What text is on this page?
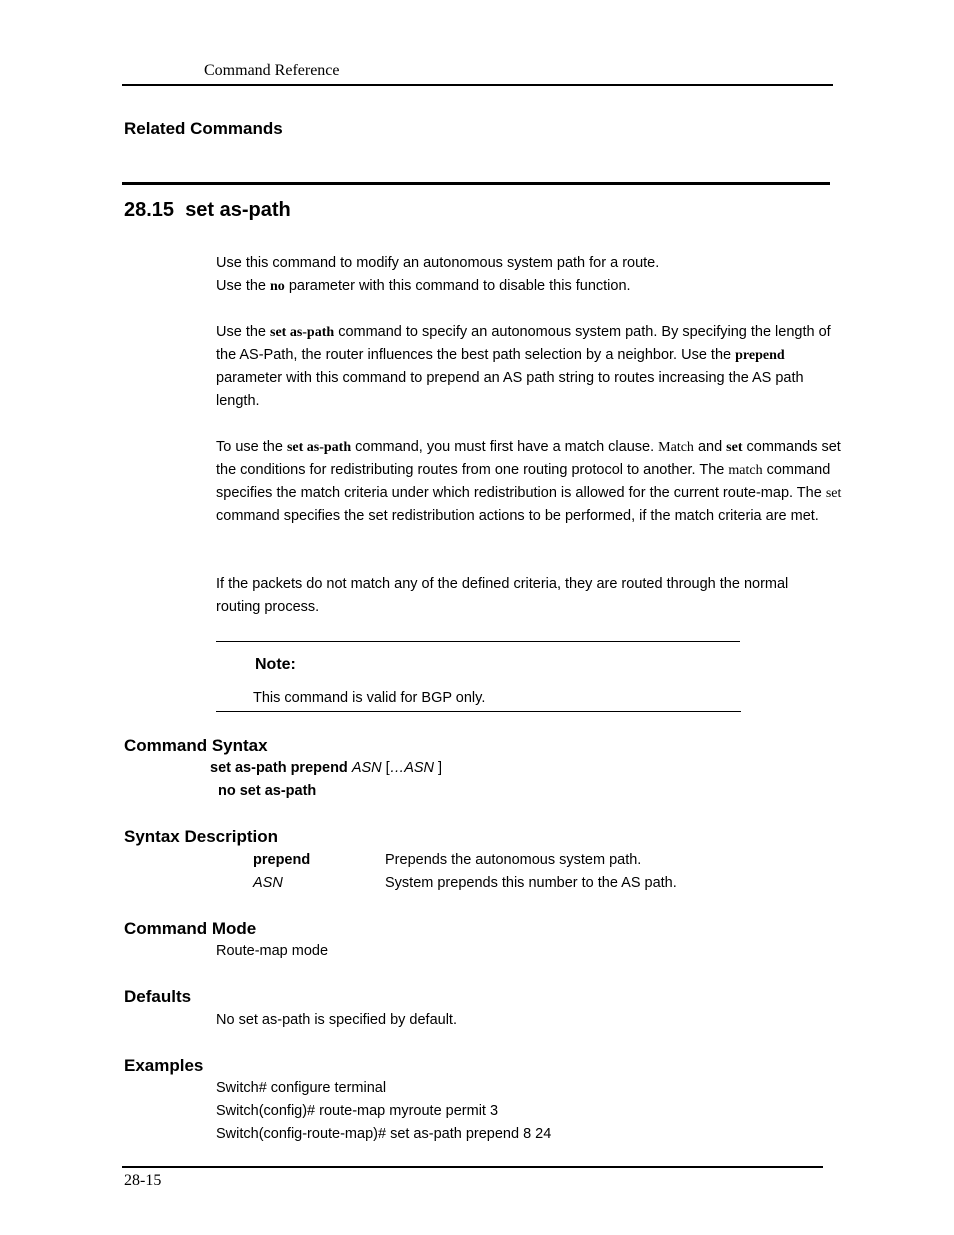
Command Reference
Related Commands
28.15 set as-path
Use this command to modify an autonomous system path for a route.
Use the no parameter with this command to disable this function.
Use the set as-path command to specify an autonomous system path. By specifying the length of the AS-Path, the router influences the best path selection by a neighbor. Use the prepend parameter with this command to prepend an AS path string to routes increasing the AS path length.
To use the set as-path command, you must first have a match clause. Match and set commands set the conditions for redistributing routes from one routing protocol to another. The match command specifies the match criteria under which redistribution is allowed for the current route-map. The set command specifies the set redistribution actions to be performed, if the match criteria are met.
If the packets do not match any of the defined criteria, they are routed through the normal routing process.
Note:
This command is valid for BGP only.
Command Syntax
set as-path prepend ASN […ASN ]
no set as-path
Syntax Description
prepend	Prepends the autonomous system path.
ASN	System prepends this number to the AS path.
Command Mode
Route-map mode
Defaults
No set as-path is specified by default.
Examples
Switch# configure terminal
Switch(config)# route-map myroute permit 3
Switch(config-route-map)# set as-path prepend 8 24
28-15
